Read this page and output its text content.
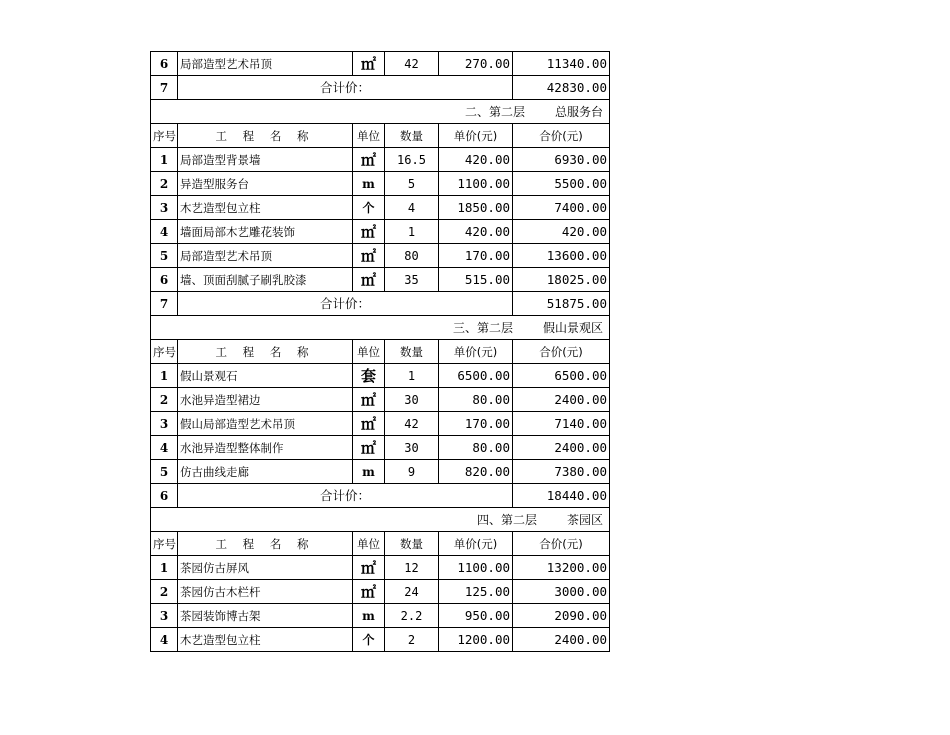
6	局部造型艺术吊顶	㎡	42	270.00	11340.00
7	合计价：				42830.00
二、第二层 总服务台					
序号	工 程 名 称	单位	数量	单价(元)	合价(元)
1	局部造型背景墙	㎡	16.5	420.00	6930.00
2	异造型服务台	m	5	1100.00	5500.00
3	木艺造型包立柱	个	4	1850.00	7400.00
4	墙面局部木艺雕花装饰	㎡	1	420.00	420.00
5	局部造型艺术吊顶	㎡	80	170.00	13600.00
6	墙、顶面刮腻子刷乳胶漆	㎡	35	515.00	18025.00
7	合计价：				51875.00
三、第二层 假山景观区					
序号	工 程 名 称	单位	数量	单价(元)	合价(元)
1	假山景观石	套	1	6500.00	6500.00
2	水池异造型裙边	㎡	30	80.00	2400.00
3	假山局部造型艺术吊顶	㎡	42	170.00	7140.00
4	水池异造型整体制作	㎡	30	80.00	2400.00
5	仿古曲线走廊	m	9	820.00	7380.00
6	合计价：				18440.00
四、第二层 茶园区					
序号	工 程 名 称	单位	数量	单价(元)	合价(元)
1	茶园仿古屏风	㎡	12	1100.00	13200.00
2	茶园仿古木栏杆	㎡	24	125.00	3000.00
3	茶园装饰博古架	m	2.2	950.00	2090.00
4	木艺造型包立柱	个	2	1200.00	2400.00
